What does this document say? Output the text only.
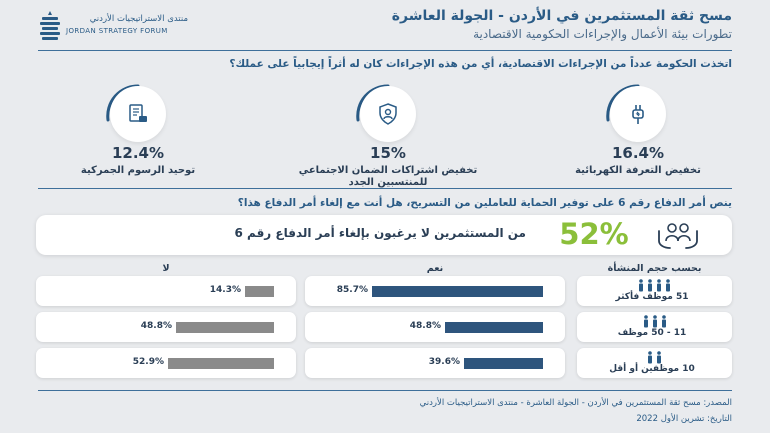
مسح ثقة المستثمرين في الأردن - الجولة العاشرة
تطورات بيئة الأعمال والإجراءات الحكومية الاقتصادية
منتدى الاستراتيجيات الأردني
JORDAN STRATEGY FORUM
اتخذت الحكومة عدداً من الإجراءات الاقتصادية، أي من هذه الإجراءات كان له أثراً إيجابياً على عملك؟
16.4%
تخفيض التعرفة الكهربائية
15%
تخفيض اشتراكات الضمان الاجتماعي للمنتسبين الجدد
12.4%
توحيد الرسوم الجمركية
ينص أمر الدفاع رقم 6 على توفير الحماية للعاملين من التسريح، هل أنت مع إلغاء أمر الدفاع هذا؟
من المستثمرين لا يرغبون بإلغاء أمر الدفاع رقم 6	52%
بحسب حجم المنشأة
نعم
لا
51 موظف فأكثر
85.7%
14.3%
11 - 50 موظف
48.8%
48.8%
10 موظفين أو أقل
39.6%
52.9%
المصدر: مسح ثقة المستثمرين في الأردن - الجولة العاشرة - منتدى الاستراتيجيات الأردني
التاريخ: تشرين الأول 2022
